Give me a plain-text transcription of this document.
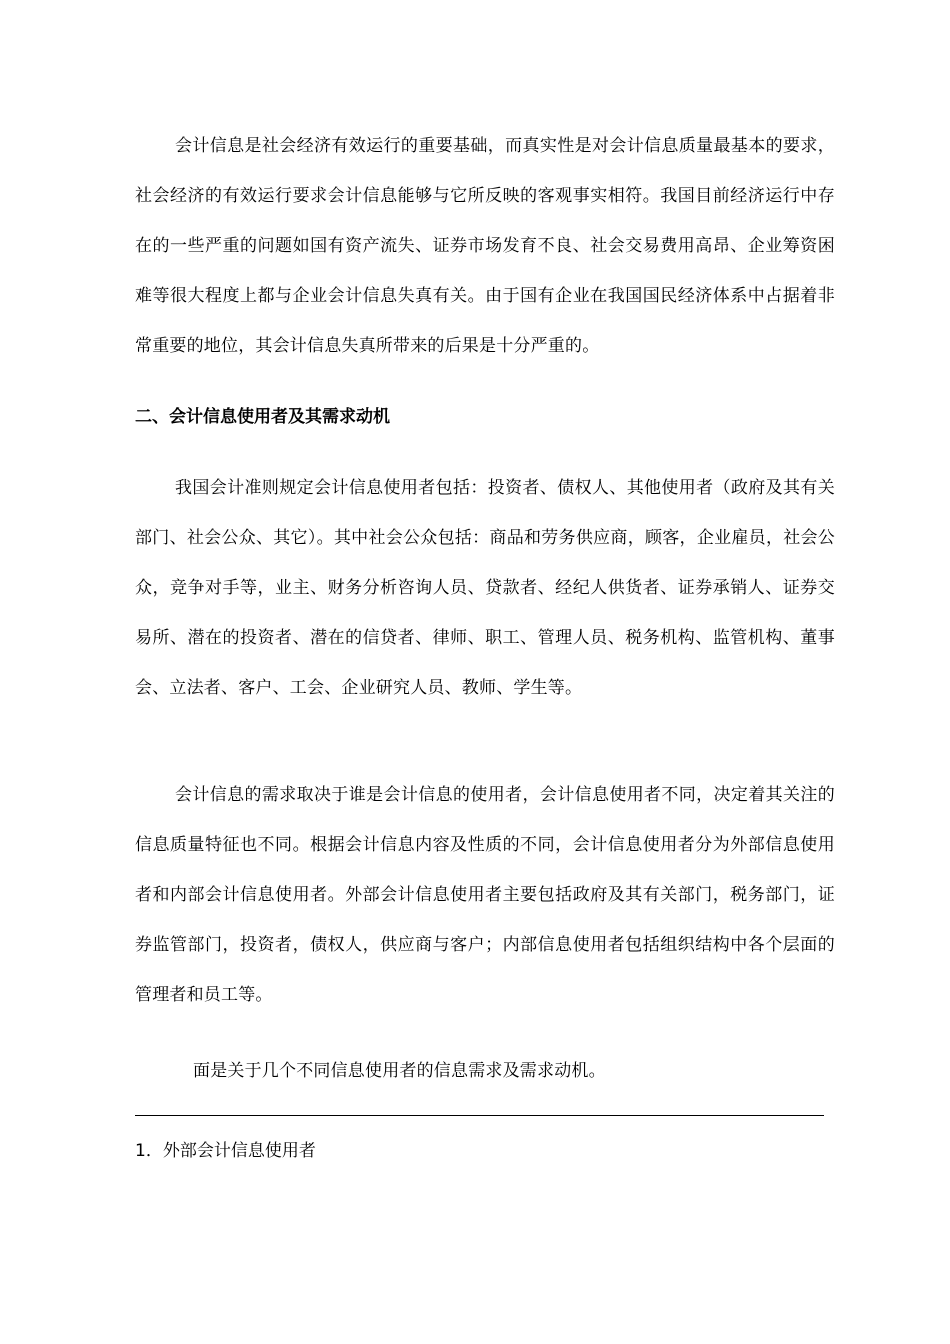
会计信息是社会经济有效运行的重要基础，而真实性是对会计信息质量最基本的要求，社会经济的有效运行要求会计信息能够与它所反映的客观事实相符。我国目前经济运行中存在的一些严重的问题如国有资产流失、证券市场发育不良、社会交易费用高昂、企业筹资困难等很大程度上都与企业会计信息失真有关。由于国有企业在我国国民经济体系中占据着非常重要的地位，其会计信息失真所带来的后果是十分严重的。

二、会计信息使用者及其需求动机

我国会计准则规定会计信息使用者包括：投资者、债权人、其他使用者（政府及其有关部门、社会公众、其它）。其中社会公众包括：商品和劳务供应商，顾客，企业雇员，社会公众，竞争对手等，业主、财务分析咨询人员、贷款者、经纪人供货者、证券承销人、证券交易所、潜在的投资者、潜在的信贷者、律师、职工、管理人员、税务机构、监管机构、董事会、立法者、客户、工会、企业研究人员、教师、学生等。

会计信息的需求取决于谁是会计信息的使用者，会计信息使用者不同，决定着其关注的信息质量特征也不同。根据会计信息内容及性质的不同，会计信息使用者分为外部信息使用者和内部会计信息使用者。外部会计信息使用者主要包括政府及其有关部门，税务部门，证券监管部门，投资者，债权人，供应商与客户；内部信息使用者包括组织结构中各个层面的管理者和员工等。

面是关于几个不同信息使用者的信息需求及需求动机。

1．外部会计信息使用者
